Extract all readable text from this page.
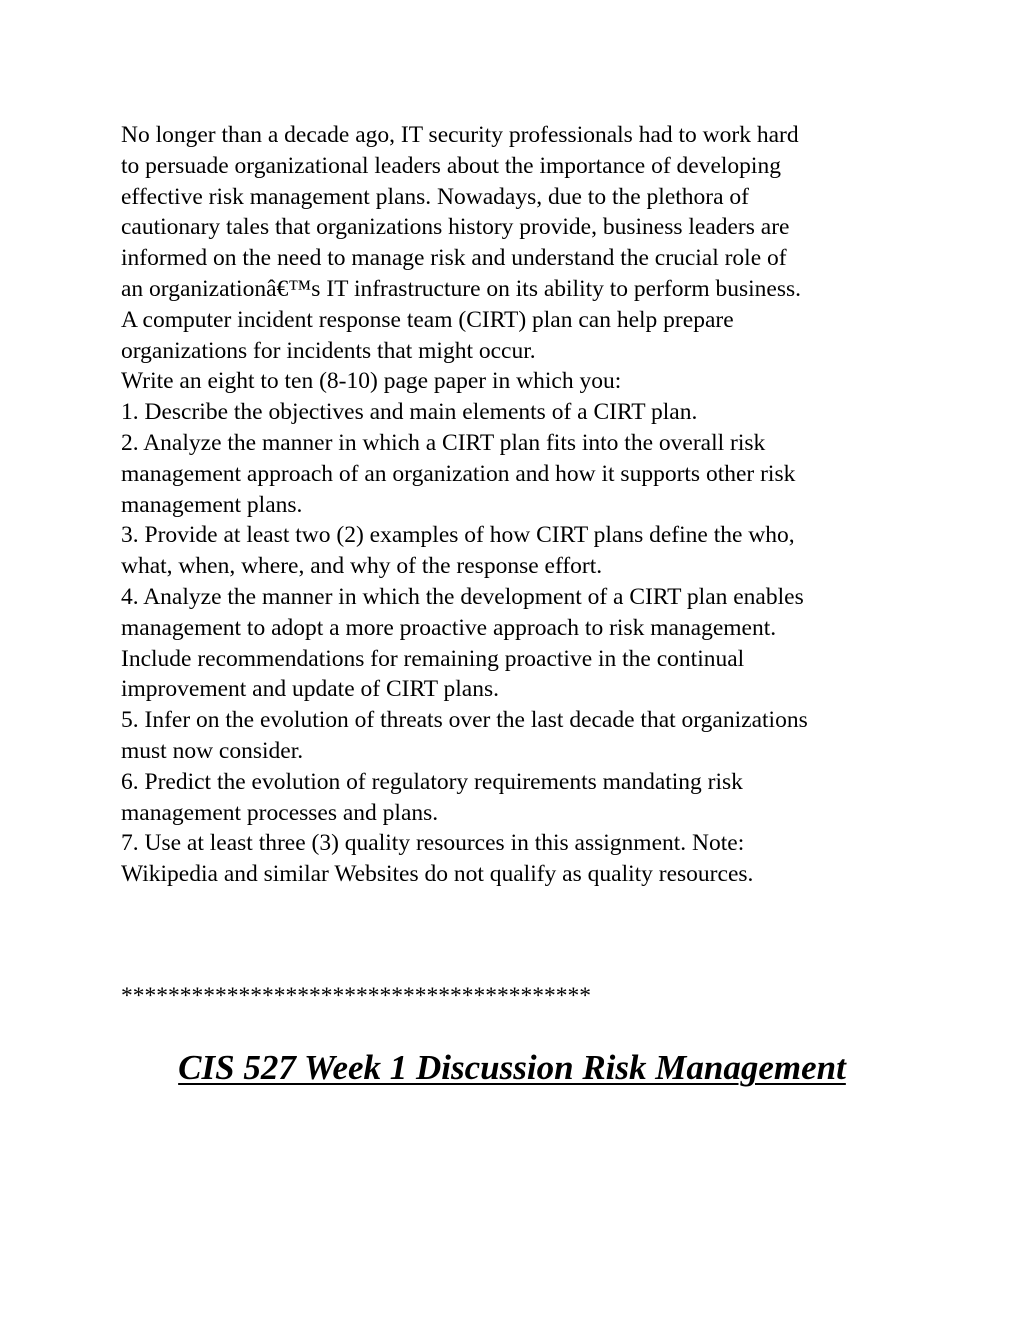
No longer than a decade ago, IT security professionals had to work hard
to persuade organizational leaders about the importance of developing
effective risk management plans. Nowadays, due to the plethora of
cautionary tales that organizations history provide, business leaders are
informed on the need to manage risk and understand the crucial role of
an organizationâ€™s IT infrastructure on its ability to perform business.
A computer incident response team (CIRT) plan can help prepare
organizations for incidents that might occur.
Write an eight to ten (8-10) page paper in which you:
1. Describe the objectives and main elements of a CIRT plan.
2. Analyze the manner in which a CIRT plan fits into the overall risk
management approach of an organization and how it supports other risk
management plans.
3. Provide at least two (2) examples of how CIRT plans define the who,
what, when, where, and why of the response effort.
4. Analyze the manner in which the development of a CIRT plan enables
management to adopt a more proactive approach to risk management.
Include recommendations for remaining proactive in the continual
improvement and update of CIRT plans.
5. Infer on the evolution of threats over the last decade that organizations
must now consider.
6. Predict the evolution of regulatory requirements mandating risk
management processes and plans.
7. Use at least three (3) quality resources in this assignment. Note:
Wikipedia and similar Websites do not qualify as quality resources.
****************************************
CIS 527 Week 1 Discussion Risk Management
